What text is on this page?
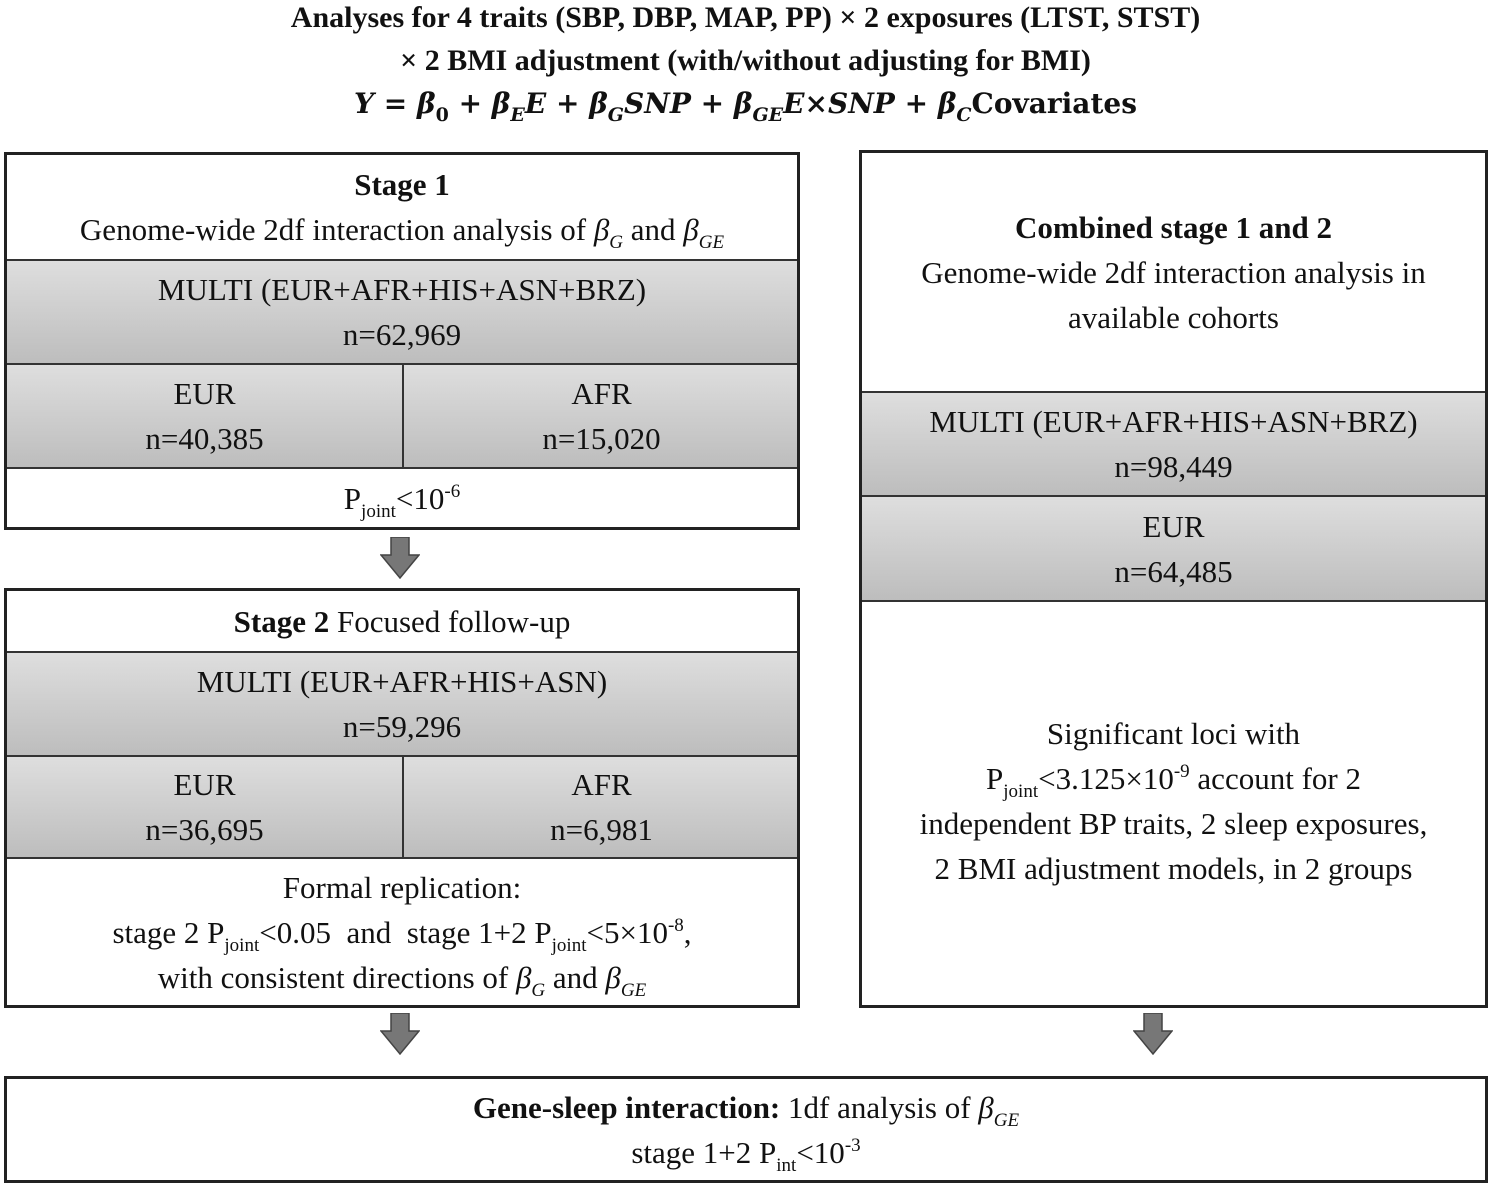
Analyses for 4 traits (SBP, DBP, MAP, PP) × 2 exposures (LTST, STST)
× 2 BMI adjustment (with/without adjusting for BMI)
$Y = \beta_0 + \beta_EE + \beta_GSNP + \beta_{GE}E\times SNP$ + $\beta_CCovariates$
Stage 1
Genome-wide 2df interaction analysis of $\beta_G$ and $\beta_{GE}$
MULTI (EUR+AFR+HIS+ASN+BRZ)
n=62,969
EUR
n=40,385
AFR
n=15,020
$P_{joint}<10^{-6}$
Stage 2 Focused follow-up
MULTI (EUR+AFR+HIS+ASN)
n=59,296
EUR
n=36,695
AFR
n=6,981
Formal replication:
stage 2 $P_{joint}<0.05$  and  stage 1+2 $P_{joint}<5\times 10^{-8}$,
with consistent directions of $\beta_G$ and $\beta_{GE}$
Combined stage 1 and 2
Genome-wide 2df interaction analysis in available cohorts
MULTI (EUR+AFR+HIS+ASN+BRZ)
n=98,449
EUR
n=64,485
Significant loci with
$P_{joint}<3.125\times 10^{-9}$ account for 2
independent BP traits, 2 sleep exposures,
2 BMI adjustment models, in 2 groups
Gene-sleep interaction: 1df analysis of $\beta_{GE}$
stage 1+2 $P_{int}<10^{-3}$
